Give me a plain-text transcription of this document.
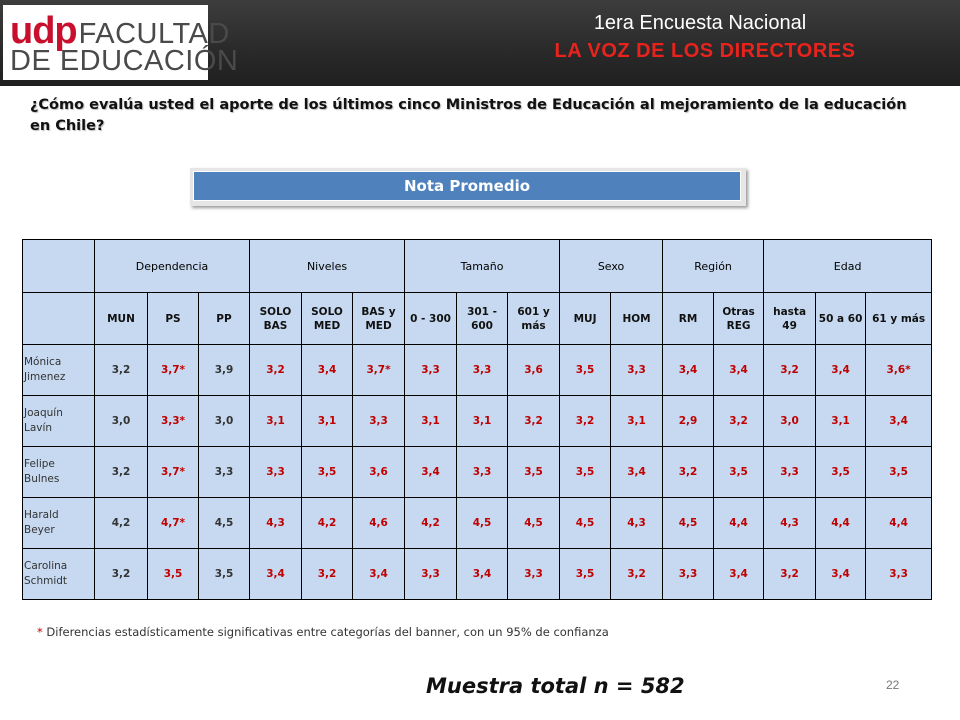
udpFACULTAD
DE EDUCACIÓN
1era Encuesta Nacional
LA VOZ DE LOS DIRECTORES
¿Cómo evalúa usted el aporte de los últimos cinco Ministros de Educación al mejoramiento de la educación en Chile?
Nota Promedio
	Dependencia			Niveles			Tamaño			Sexo		Región		Edad		
	MUN	PS	PP	SOLO BAS	SOLO MED	BAS y MED	0 - 300	301 - 600	601 y más	MUJ	HOM	RM	Otras REG	hasta 49	50 a 60	61 y más
Mónica Jimenez	3,2	3,7*	3,9	3,2	3,4	3,7*	3,3	3,3	3,6	3,5	3,3	3,4	3,4	3,2	3,4	3,6*
Joaquín Lavín	3,0	3,3*	3,0	3,1	3,1	3,3	3,1	3,1	3,2	3,2	3,1	2,9	3,2	3,0	3,1	3,4
Felipe Bulnes	3,2	3,7*	3,3	3,3	3,5	3,6	3,4	3,3	3,5	3,5	3,4	3,2	3,5	3,3	3,5	3,5
Harald Beyer	4,2	4,7*	4,5	4,3	4,2	4,6	4,2	4,5	4,5	4,5	4,3	4,5	4,4	4,3	4,4	4,4
Carolina Schmidt	3,2	3,5	3,5	3,4	3,2	3,4	3,3	3,4	3,3	3,5	3,2	3,3	3,4	3,2	3,4	3,3
* Diferencias estadísticamente significativas entre categorías del banner, con un 95% de confianza
Muestra total n = 582	22
